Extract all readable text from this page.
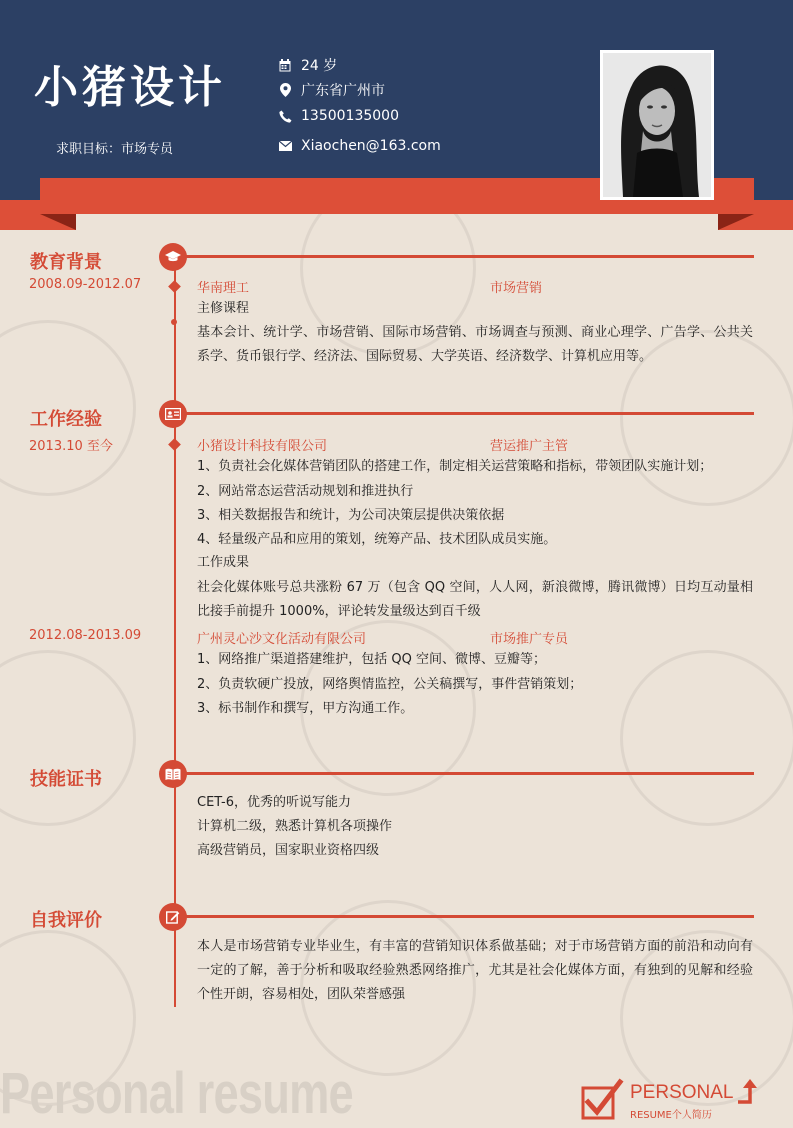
小猪设计
求职目标：市场专员
24 岁
广东省广州市
13500135000
Xiaochen@163.com
教育背景
2008.09-2012.07	华南理工	市场营销
主修课程
基本会计、统计学、市场营销、国际市场营销、市场调查与预测、商业心理学、广告学、公共关系学、货币银行学、经济法、国际贸易、大学英语、经济数学、计算机应用等。
工作经验
2013.10 至今	小猪设计科技有限公司	营运推广主管
1、负责社会化媒体营销团队的搭建工作，制定相关运营策略和指标，带领团队实施计划；
2、网站常态运营活动规划和推进执行
3、相关数据报告和统计，为公司决策层提供决策依据
4、轻量级产品和应用的策划，统筹产品、技术团队成员实施。
工作成果
社会化媒体账号总共涨粉 67 万（包含 QQ 空间，人人网，新浪微博，腾讯微博）日均互动量相比接手前提升 1000%，评论转发量级达到百千级
2012.08-2013.09	广州灵心沙文化活动有限公司	市场推广专员
1、网络推广渠道搭建维护，包括 QQ 空间、微博、豆瓣等；
2、负责软硬广投放，网络舆情监控，公关稿撰写，事件营销策划；
3、标书制作和撰写，甲方沟通工作。
技能证书
CET-6，优秀的听说写能力
计算机二级，熟悉计算机各项操作
高级营销员，国家职业资格四级
自我评价
本人是市场营销专业毕业生，有丰富的营销知识体系做基础；对于市场营销方面的前沿和动向有一定的了解，善于分析和吸取经验熟悉网络推广，尤其是社会化媒体方面，有独到的见解和经验个性开朗，容易相处，团队荣誉感强
Personal resume	PERSONAL
RESUME个人简历
